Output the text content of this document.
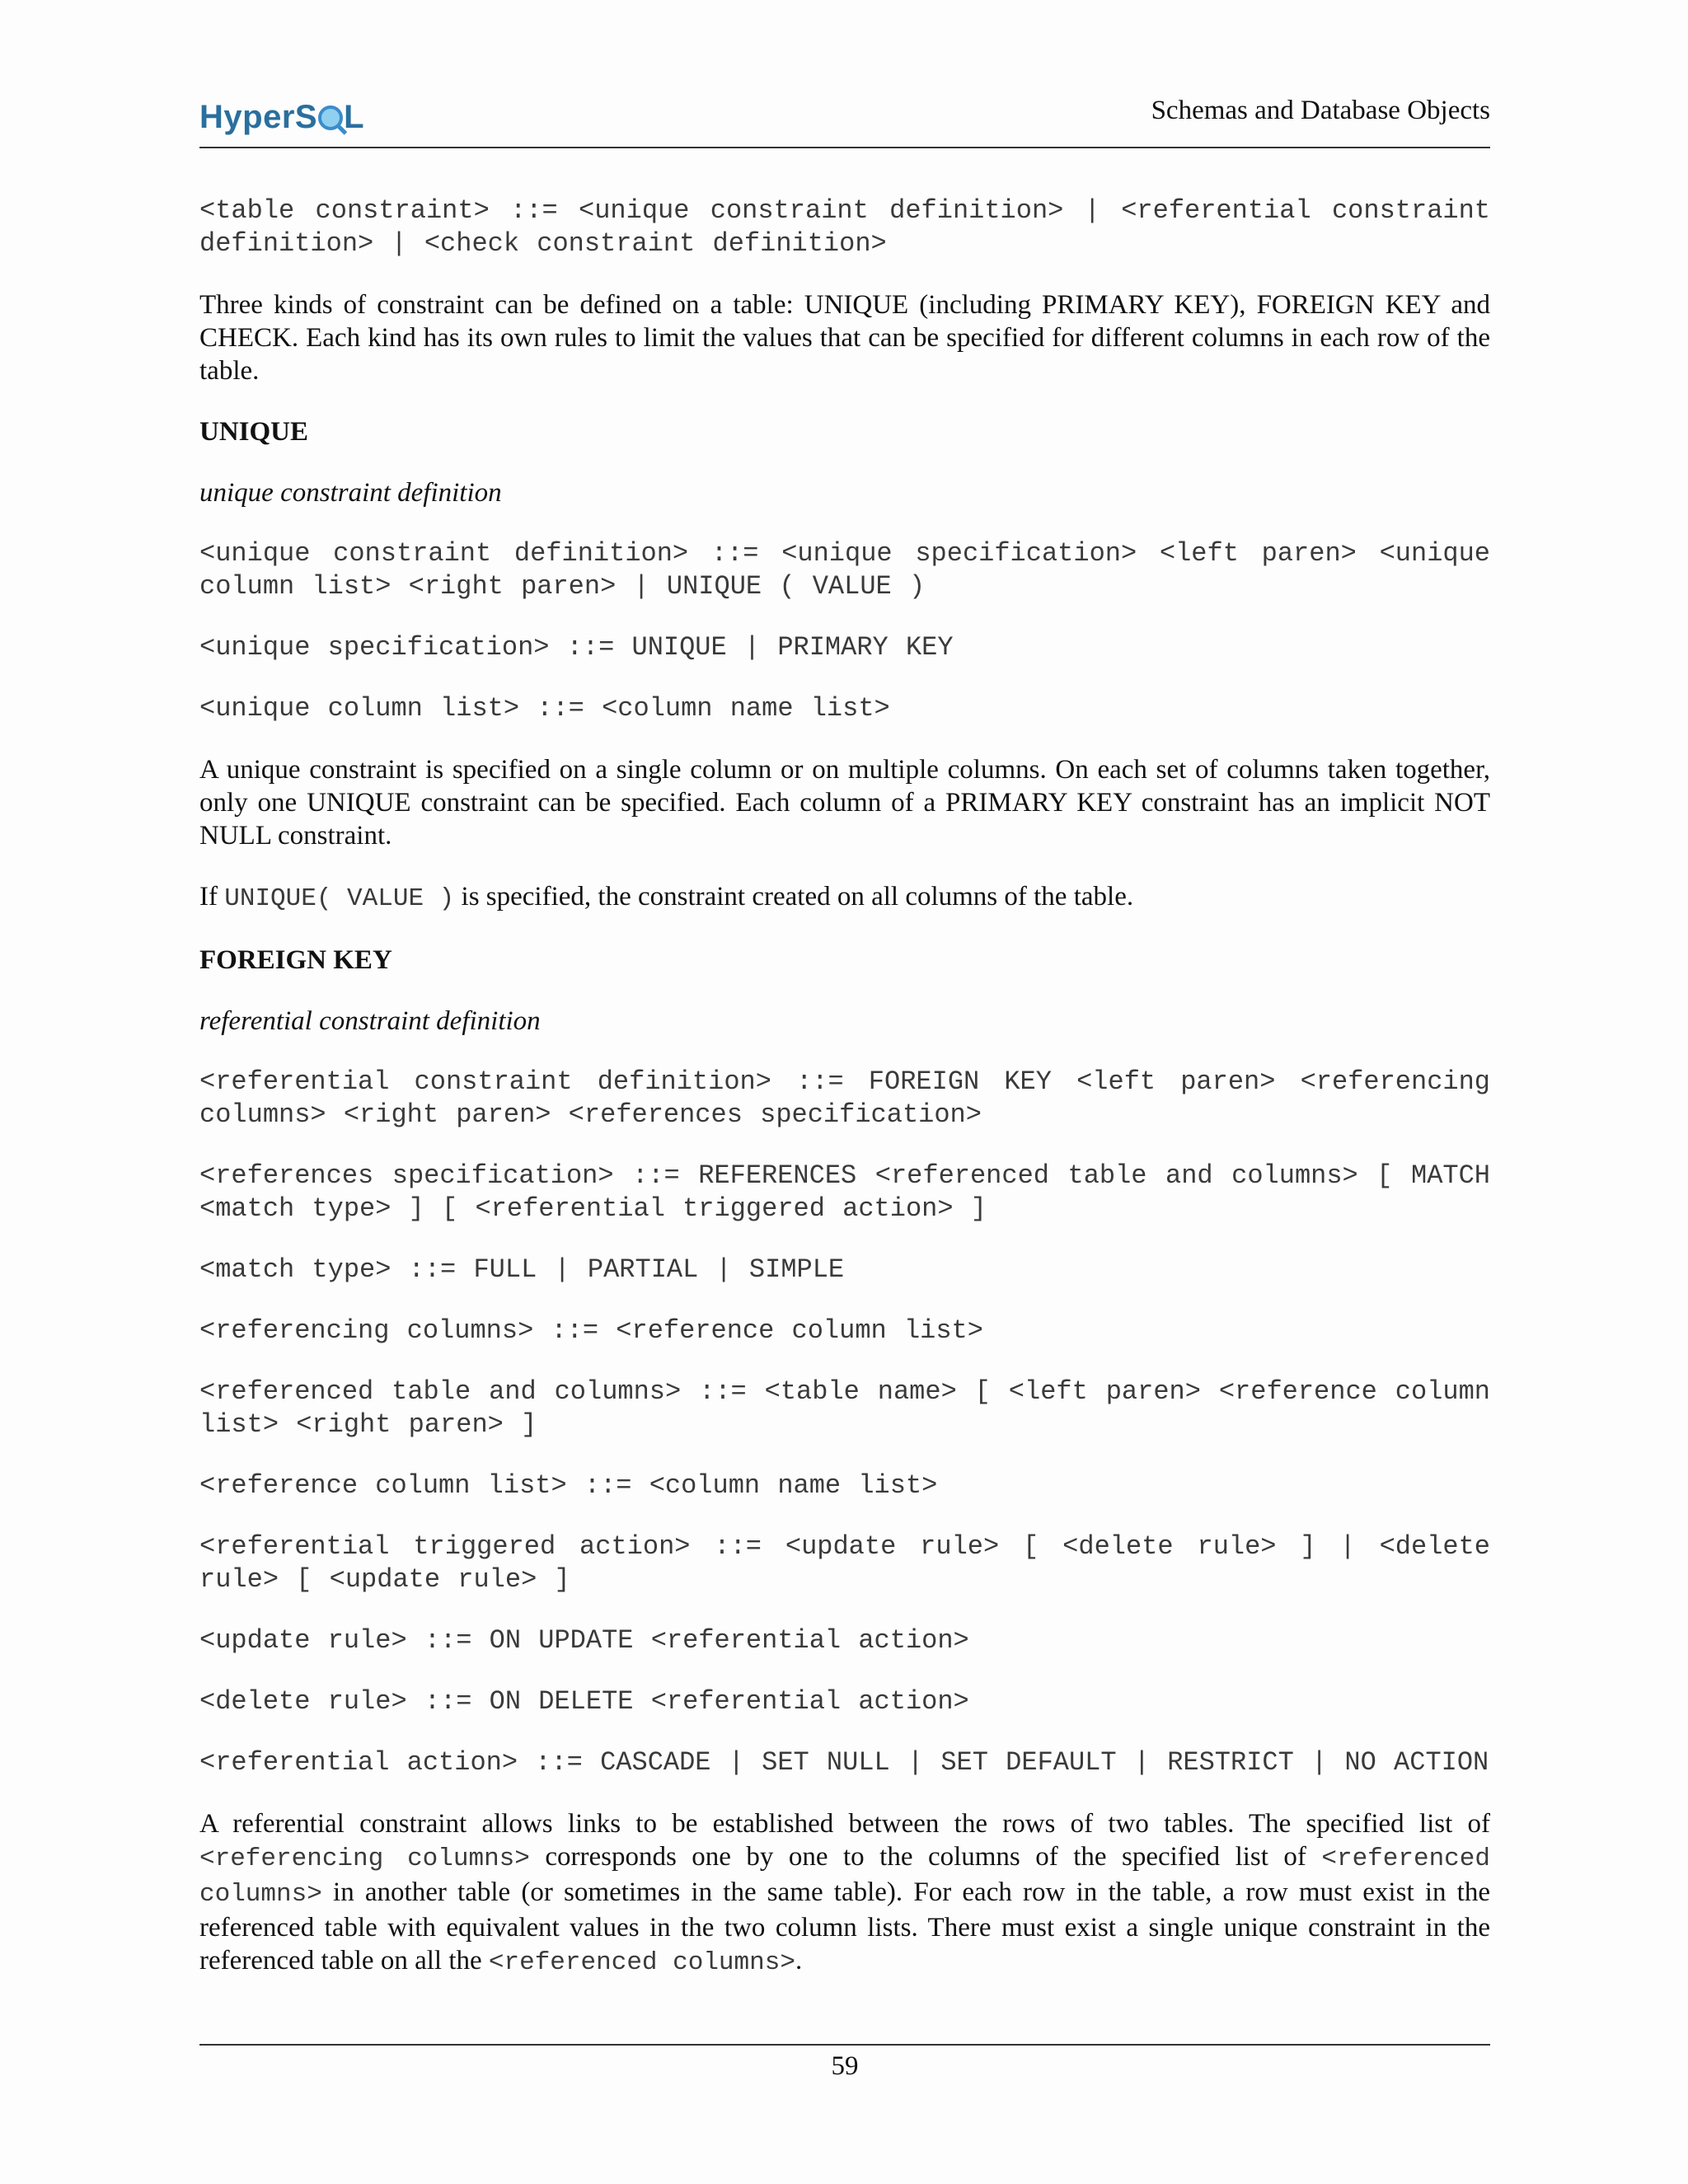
HyperS L	Schemas and Database Objects

<table constraint> ::= <unique constraint definition> | <referential constraint definition> | <check constraint definition>

Three kinds of constraint can be defined on a table: UNIQUE (including PRIMARY KEY), FOREIGN KEY and CHECK. Each kind has its own rules to limit the values that can be specified for different columns in each row of the table.

UNIQUE

unique constraint definition

<unique constraint definition> ::= <unique specification> <left paren> <unique column list> <right paren> | UNIQUE ( VALUE )

<unique specification> ::= UNIQUE | PRIMARY KEY

<unique column list> ::= <column name list>

A unique constraint is specified on a single column or on multiple columns. On each set of columns taken together, only one UNIQUE constraint can be specified. Each column of a PRIMARY KEY constraint has an implicit NOT NULL constraint.

If UNIQUE( VALUE ) is specified, the constraint created on all columns of the table.

FOREIGN KEY

referential constraint definition

<referential constraint definition> ::= FOREIGN KEY <left paren> <referencing columns> <right paren> <references specification>

<references specification> ::= REFERENCES <referenced table and columns> [ MATCH <match type> ] [ <referential triggered action> ]

<match type> ::= FULL | PARTIAL | SIMPLE

<referencing columns> ::= <reference column list>

<referenced table and columns> ::= <table name> [ <left paren> <reference column list> <right paren> ]

<reference column list> ::= <column name list>

<referential triggered action> ::= <update rule> [ <delete rule> ] | <delete rule> [ <update rule> ]

<update rule> ::= ON UPDATE <referential action>

<delete rule> ::= ON DELETE <referential action>

<referential action> ::= CASCADE | SET NULL | SET DEFAULT | RESTRICT | NO ACTION

A referential constraint allows links to be established between the rows of two tables. The specified list of <referencing columns> corresponds one by one to the columns of the specified list of <referenced columns> in another table (or sometimes in the same table). For each row in the table, a row must exist in the referenced table with equivalent values in the two column lists. There must exist a single unique constraint in the referenced table on all the <referenced columns>.

59
